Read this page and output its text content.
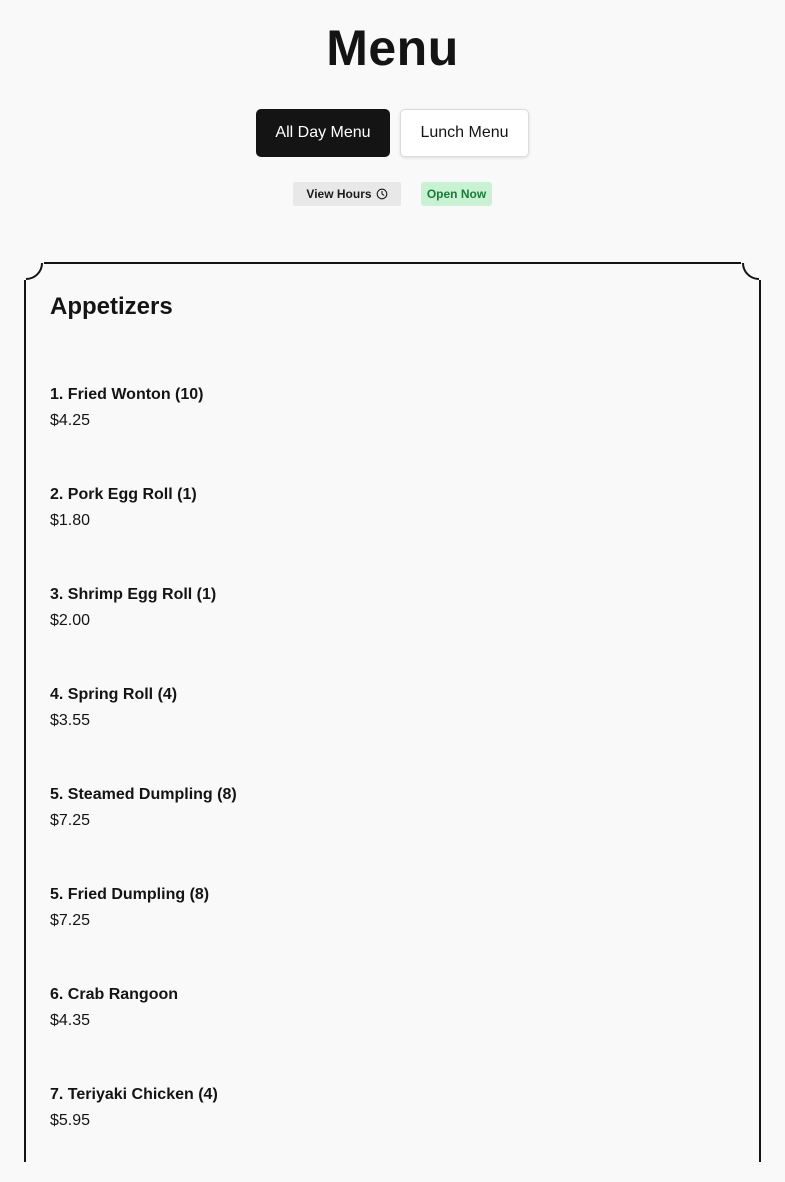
Menu
All Day Menu	Lunch Menu
View Hours	Open Now
Appetizers
1. Fried Wonton (10)
$4.25
2. Pork Egg Roll (1)
$1.80
3. Shrimp Egg Roll (1)
$2.00
4. Spring Roll (4)
$3.55
5. Steamed Dumpling (8)
$7.25
5. Fried Dumpling (8)
$7.25
6. Crab Rangoon
$4.35
7. Teriyaki Chicken (4)
$5.95
